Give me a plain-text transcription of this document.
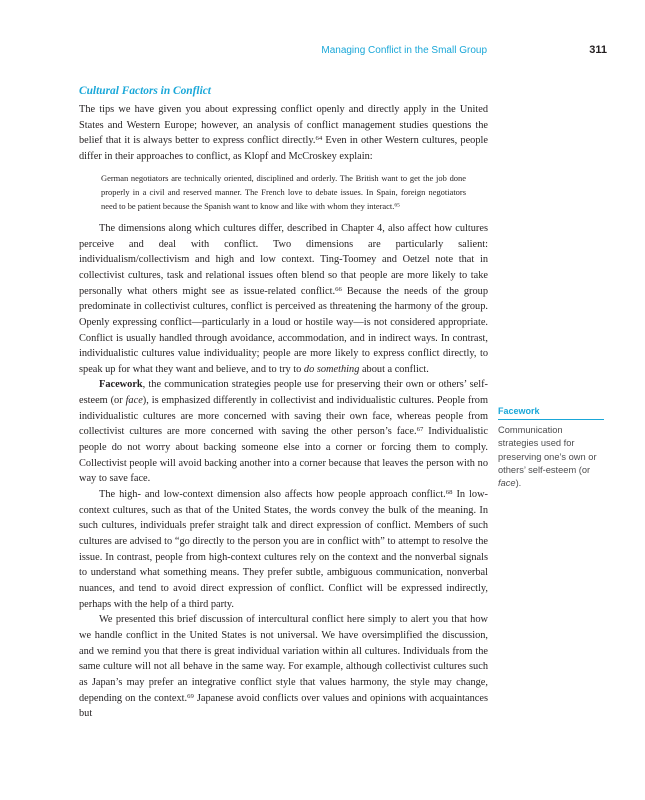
Managing Conflict in the Small Group	311
Cultural Factors in Conflict

The tips we have given you about expressing conflict openly and directly apply in the United States and Western Europe; however, an analysis of conflict management studies questions the belief that it is always better to express conflict directly.$^{64}$ Even in other Western cultures, people differ in their approaches to conflict, as Klopf and McCroskey explain:

German negotiators are technically oriented, disciplined and orderly. The British want to get the job done properly in a civil and reserved manner. The French love to debate issues. In Spain, foreign negotiators need to be patient because the Spanish want to know and like with whom they interact.$^{65}$

The dimensions along which cultures differ, described in Chapter 4, also affect how cultures perceive and deal with conflict. Two dimensions are particularly salient: individualism/collectivism and high and low context. Ting-Toomey and Oetzel note that in collectivist cultures, task and relational issues often blend so that people are more likely to take personally what others might see as issue-related conflict.$^{66}$ Because the needs of the group predominate in collectivist cultures, conflict is perceived as threatening the harmony of the group. Openly expressing conflict—particularly in a loud or hostile way—is not considered appropriate. Conflict is usually handled through avoidance, accommodation, and in indirect ways. In contrast, individualistic cultures value individuality; people are more likely to express conflict directly, to speak up for what they want and believe, and to try to do something about a conflict.

Facework, the communication strategies people use for preserving their own or others’ self-esteem (or face), is emphasized differently in collectivist and individualistic cultures. People from individualistic cultures are more concerned with saving their own face, whereas people from collectivist cultures are more concerned with saving the other person’s face.$^{67}$ Individualistic people do not worry about backing someone else into a corner or forcing them to comply. Collectivist people will avoid backing another into a corner because that leaves the person with no way to save face.

The high- and low-context dimension also affects how people approach conflict.$^{68}$ In low-context cultures, such as that of the United States, the words convey the bulk of the meaning. In such cultures, individuals prefer straight talk and direct expression of conflict. Members of such cultures are advised to “go directly to the person you are in conflict with” to attempt to resolve the issue. In contrast, people from high-context cultures rely on the context and the nonverbal signals to understand what something means. They prefer subtle, ambiguous communication, nonverbal nuances, and tend to avoid direct expression of conflict. Conflict will be expressed indirectly, perhaps with the help of a third party.

We presented this brief discussion of intercultural conflict here simply to alert you that how we handle conflict in the United States is not universal. We have oversimplified the discussion, and we remind you that there is great individual variation within all cultures. Individuals from the same culture will not all behave in the same way. For example, although collectivist cultures such as Japan’s may prefer an integrative conflict style that values harmony, the style may change, depending on the context.$^{69}$ Japanese avoid conflicts over values and opinions with acquaintances but

Facework
Communication strategies used for preserving one’s own or others’ self-esteem (or face).
